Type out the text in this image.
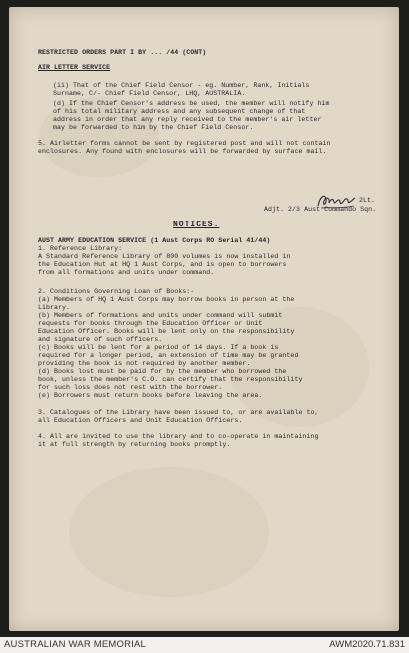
RESTRICTED ORDERS PART I BY ... /44 (CONT)

AIR LETTER SERVICE

(ii) That of the Chief Field Censor - eg. Number, Rank, Initials

Surname, C/- Chief Field Censor, LHQ, AUSTRALIA.

(d) If the Chief Censor's address be used, the member will notify him

of his total military address and any subsequent change of that

address in order that any reply received to the member's air letter

may be forwarded to him by the Chief Field Censor.

5. Airletter forms cannot be sent by registered post and will not contain

enclosures. Any found with enclosures will be forwarded by surface mail.

2Lt.

Adjt. 2/3 Aust Commando Sqn.

NOTICES.

AUST ARMY EDUCATION SERVICE (1 Aust Corps RO Serial 41/44)

1. Reference Library:

A Standard Reference Library of 800 volumes is now installed in

the Education Hut at HQ 1 Aust Corps, and is open to borrowers

from all formations and units under command.

2. Conditions Governing Loan of Books:-

(a) Members of HQ 1 Aust Corps may borrow books in person at the

Library.

(b) Members of formations and units under command will submit

requests for books through the Education Officer or Unit

Education Officer. Books will be lent only on the responsibility

and signature of such officers.

(c) Books will be lent for a period of 14 days. If a book is

required for a longer period, an extension of time may be granted

providing the book is not required by another member.

(d) Books lost must be paid for by the member who borrowed the

book, unless the member's C.O. can certify that the responsibility

for such loss does not rest with the borrower.

(e) Borrowers must return books before leaving the area.

3. Catalogues of the Library have been issued to, or are available to,

all Education Officers and Unit Education Officers.

4. All are invited to use the library and to co-operate in maintaining

it at full strength by returning books promptly.

AUSTRALIAN WAR MEMORIAL	AWM2020.71.831
